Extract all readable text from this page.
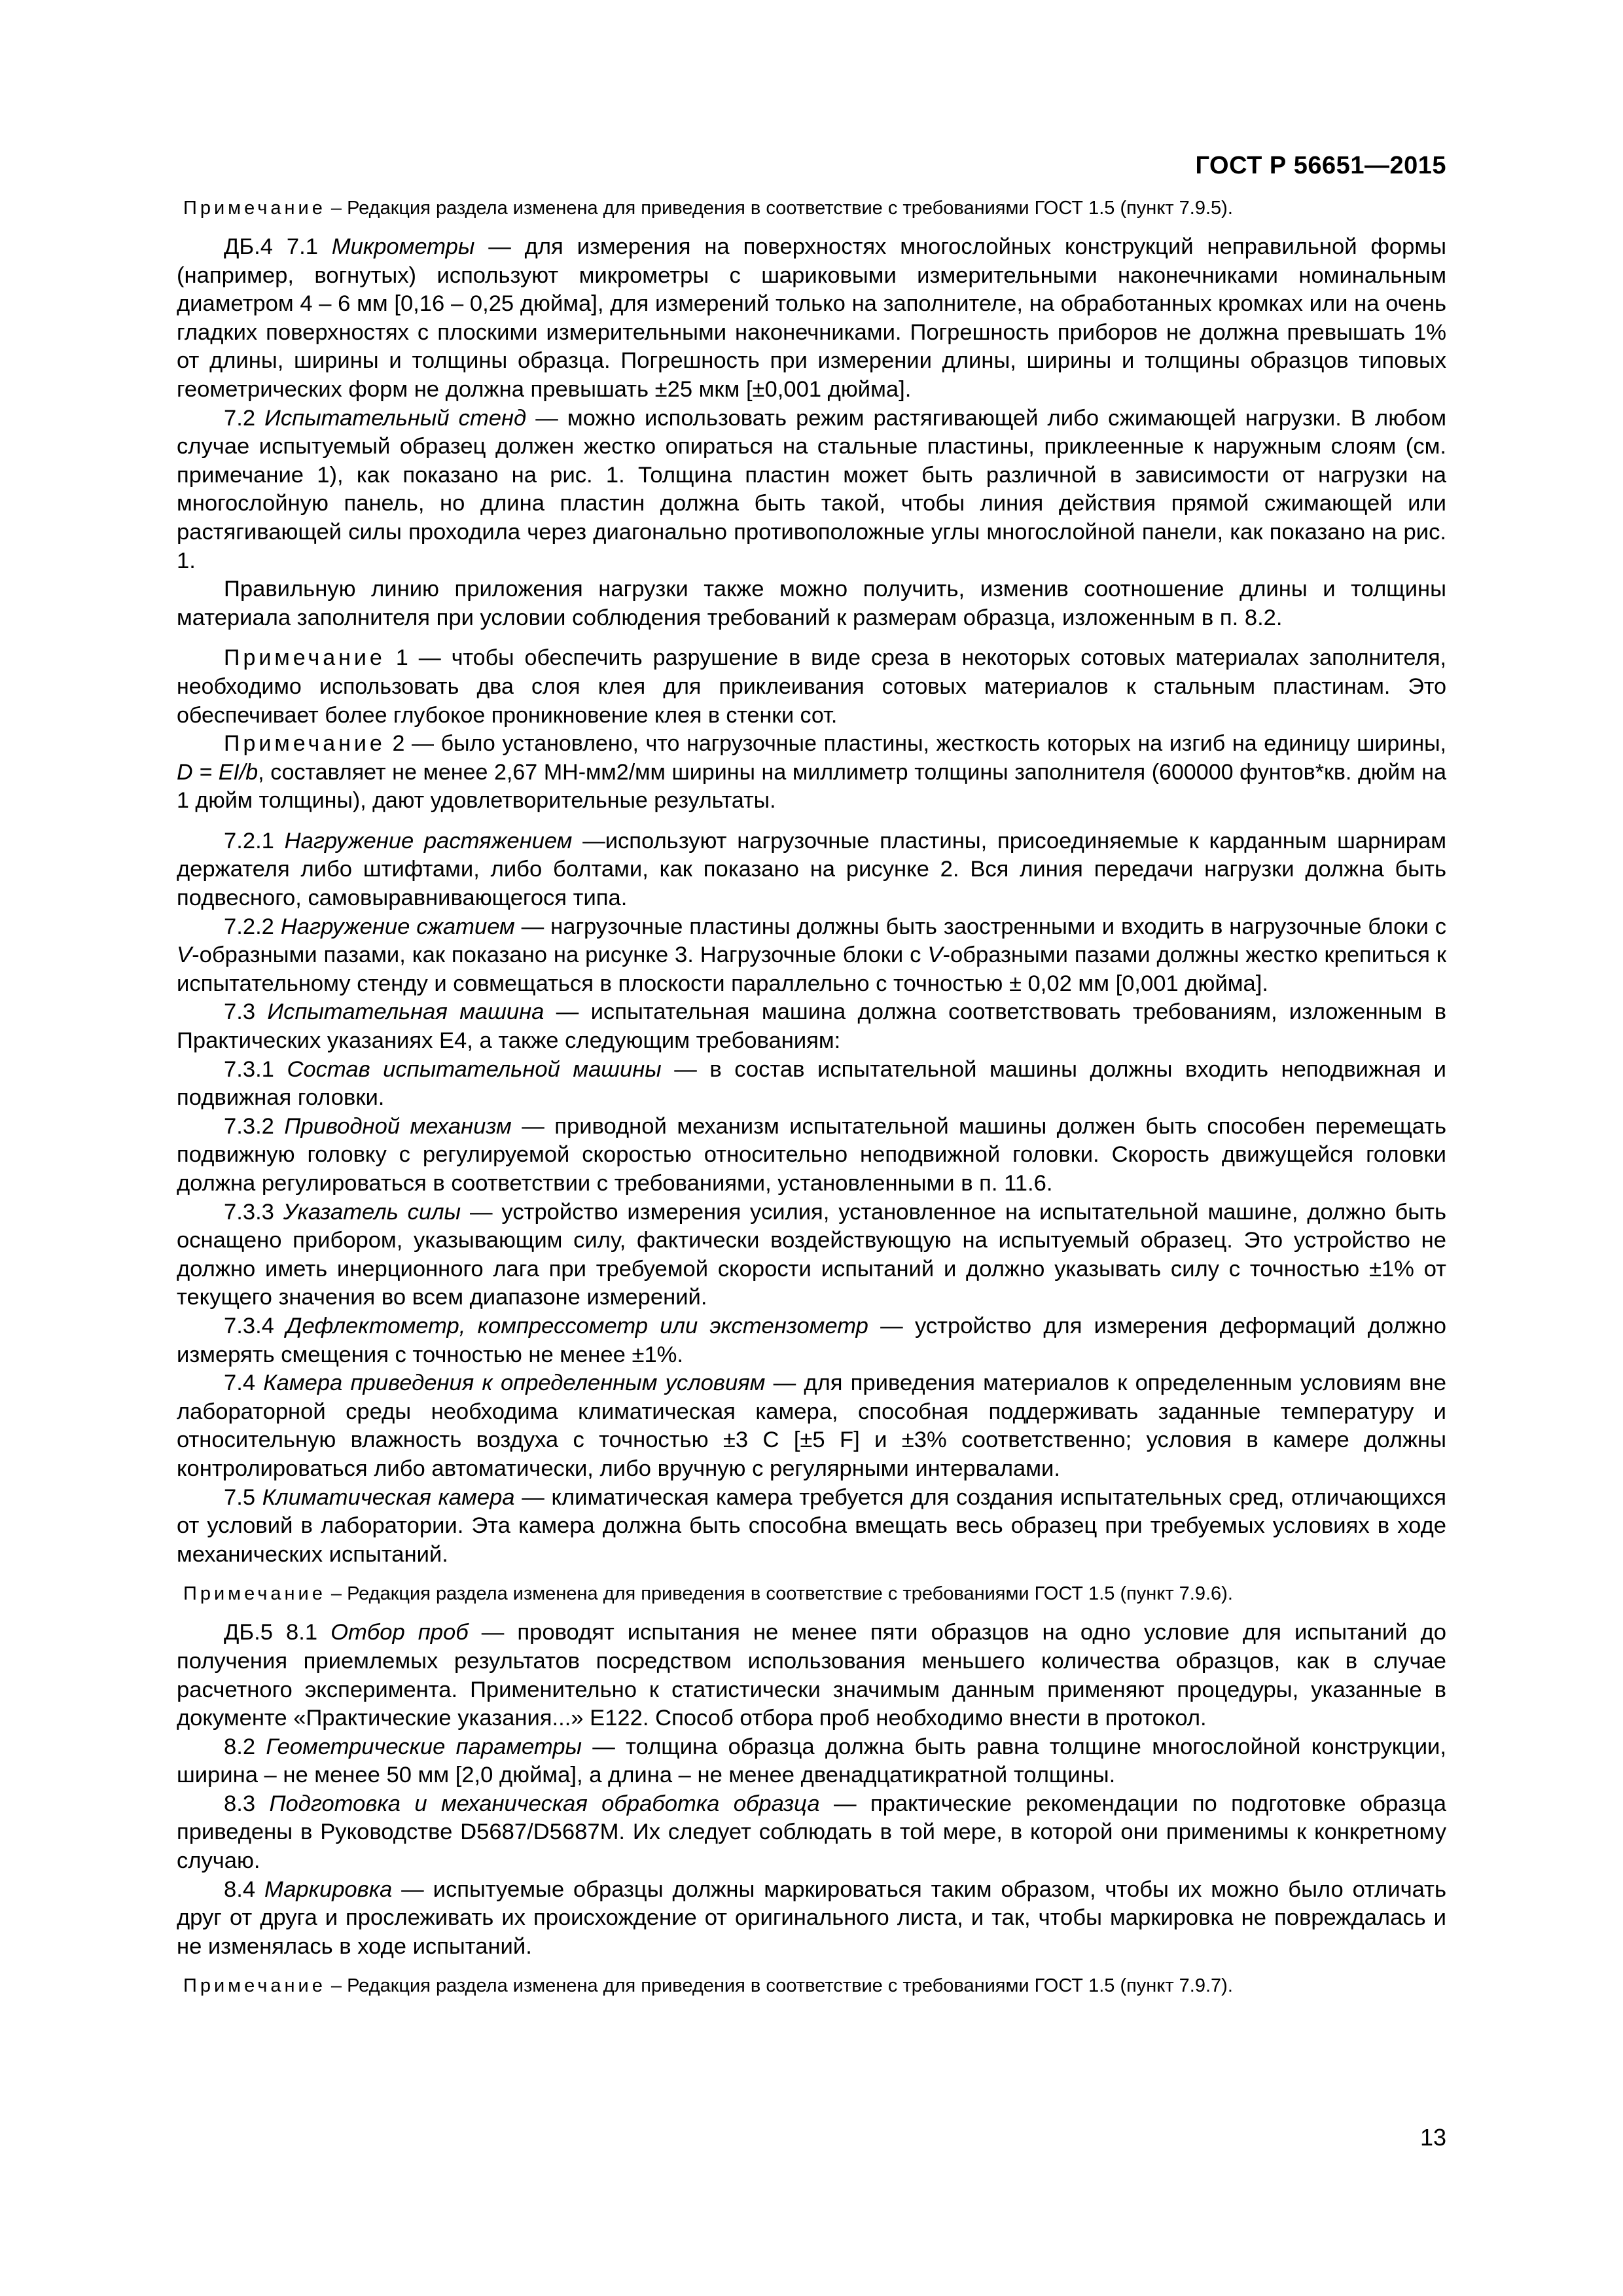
ГОСТ Р 56651—2015

Примечание – Редакция раздела изменена для приведения в соответствие с требованиями ГОСТ 1.5 (пункт 7.9.5).

ДБ.4 7.1 Микрометры — для измерения на поверхностях многослойных конструкций неправильной формы (например, вогнутых) используют микрометры с шариковыми измерительными наконечниками номинальным диаметром 4 – 6 мм [0,16 – 0,25 дюйма], для измерений только на заполнителе, на обработанных кромках или на очень гладких поверхностях с плоскими измерительными наконечниками. Погрешность приборов не должна превышать 1% от длины, ширины и толщины образца. Погрешность при измерении длины, ширины и толщины образцов типовых геометрических форм не должна превышать ±25 мкм [±0,001 дюйма].

7.2 Испытательный стенд — можно использовать режим растягивающей либо сжимающей нагрузки. В любом случае испытуемый образец должен жестко опираться на стальные пластины, приклеенные к наружным слоям (см. примечание 1), как показано на рис. 1. Толщина пластин может быть различной в зависимости от нагрузки на многослойную панель, но длина пластин должна быть такой, чтобы линия действия прямой сжимающей или растягивающей силы проходила через диагонально противоположные углы многослойной панели, как показано на рис. 1.

Правильную линию приложения нагрузки также можно получить, изменив соотношение длины и толщины материала заполнителя при условии соблюдения требований к размерам образца, изложенным в п. 8.2.

Примечание 1 — чтобы обеспечить разрушение в виде среза в некоторых сотовых материалах заполнителя, необходимо использовать два слоя клея для приклеивания сотовых материалов к стальным пластинам. Это обеспечивает более глубокое проникновение клея в стенки сот.

Примечание 2 — было установлено, что нагрузочные пластины, жесткость которых на изгиб на единицу ширины, D = EI/b, составляет не менее 2,67 МН-мм2/мм ширины на миллиметр толщины заполнителя (600000 фунтов*кв. дюйм на 1 дюйм толщины), дают удовлетворительные результаты.

7.2.1 Нагружение растяжением —используют нагрузочные пластины, присоединяемые к карданным шарнирам держателя либо штифтами, либо болтами, как показано на рисунке 2. Вся линия передачи нагрузки должна быть подвесного, самовыравнивающегося типа.

7.2.2 Нагружение сжатием — нагрузочные пластины должны быть заостренными и входить в нагрузочные блоки с V-образными пазами, как показано на рисунке 3. Нагрузочные блоки с V-образными пазами должны жестко крепиться к испытательному стенду и совмещаться в плоскости параллельно с точностью ± 0,02 мм [0,001 дюйма].

7.3 Испытательная машина — испытательная машина должна соответствовать требованиям, изложенным в Практических указаниях Е4, а также следующим требованиям:

7.3.1 Состав испытательной машины — в состав испытательной машины должны входить неподвижная и подвижная головки.

7.3.2 Приводной механизм — приводной механизм испытательной машины должен быть способен перемещать подвижную головку с регулируемой скоростью относительно неподвижной головки. Скорость движущейся головки должна регулироваться в соответствии с требованиями, установленными в п. 11.6.

7.3.3 Указатель силы — устройство измерения усилия, установленное на испытательной машине, должно быть оснащено прибором, указывающим силу, фактически воздействующую на испытуемый образец. Это устройство не должно иметь инерционного лага при требуемой скорости испытаний и должно указывать силу с точностью ±1% от текущего значения во всем диапазоне измерений.

7.3.4 Дефлектометр, компрессометр или экстензометр — устройство для измерения деформаций должно измерять смещения с точностью не менее ±1%.

7.4 Камера приведения к определенным условиям — для приведения материалов к определенным условиям вне лабораторной среды необходима климатическая камера, способная поддерживать заданные температуру и относительную влажность воздуха с точностью ±3 С [±5 F] и ±3% соответственно; условия в камере должны контролироваться либо автоматически, либо вручную с регулярными интервалами.

7.5 Климатическая камера — климатическая камера требуется для создания испытательных сред, отличающихся от условий в лаборатории. Эта камера должна быть способна вмещать весь образец при требуемых условиях в ходе механических испытаний.

Примечание – Редакция раздела изменена для приведения в соответствие с требованиями ГОСТ 1.5 (пункт 7.9.6).

ДБ.5 8.1 Отбор проб — проводят испытания не менее пяти образцов на одно условие для испытаний до получения приемлемых результатов посредством использования меньшего количества образцов, как в случае расчетного эксперимента. Применительно к статистически значимым данным применяют процедуры, указанные в документе «Практические указания...» Е122. Способ отбора проб необходимо внести в протокол.

8.2 Геометрические параметры — толщина образца должна быть равна толщине многослойной конструкции, ширина – не менее 50 мм [2,0 дюйма], а длина – не менее двенадцатикратной толщины.

8.3 Подготовка и механическая обработка образца — практические рекомендации по подготовке образца приведены в Руководстве D5687/D5687M. Их следует соблюдать в той мере, в которой они применимы к конкретному случаю.

8.4 Маркировка — испытуемые образцы должны маркироваться таким образом, чтобы их можно было отличать друг от друга и прослеживать их происхождение от оригинального листа, и так, чтобы маркировка не повреждалась и не изменялась в ходе испытаний.

Примечание – Редакция раздела изменена для приведения в соответствие с требованиями ГОСТ 1.5 (пункт 7.9.7).

13
